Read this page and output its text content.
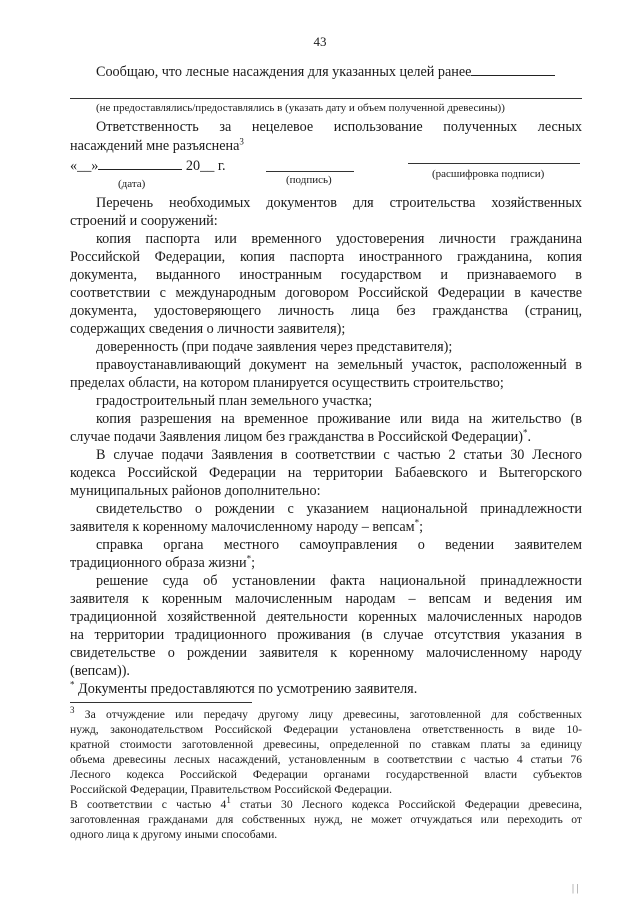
43
Сообщаю, что лесные насаждения для указанных целей ранее
(не предоставлялись/предоставлялись в (указать дату и объем полученной древесины))
Ответственность за нецелевое использование полученных лесных
насаждений мне разъяснена$^3$
«__»	20__ г.
(дата)	(подпись)	(расшифровка подписи)
Перечень необходимых документов для строительства хозяйственных
строений и сооружений:
копия паспорта или временного удостоверения личности гражданина
Российской Федерации, копия паспорта иностранного гражданина, копия
документа, выданного иностранным государством и признаваемого в
соответствии с международным договором Российской Федерации в качестве
документа, удостоверяющего личность лица без гражданства (страниц,
содержащих сведения о личности заявителя);
доверенность (при подаче заявления через представителя);
правоустанавливающий документ на земельный участок, расположенный в
пределах области, на котором планируется осуществить строительство;
градостроительный план земельного участка;
копия разрешения на временное проживание или вида на жительство (в
случае подачи Заявления лицом без гражданства в Российской Федерации)*.
В случае подачи Заявления в соответствии с частью 2 статьи 30 Лесного
кодекса Российской Федерации на территории Бабаевского и Вытегорского
муниципальных районов дополнительно:
свидетельство о рождении с указанием национальной принадлежности
заявителя к коренному малочисленному народу – вепсам*;
справка органа местного самоуправления о ведении заявителем
традиционного образа жизни*;
решение суда об установлении факта национальной принадлежности
заявителя к коренным малочисленным народам – вепсам и ведения им
традиционной хозяйственной деятельности коренных малочисленных народов
на территории традиционного проживания (в случае отсутствия указания в
свидетельстве о рождении заявителя к коренному малочисленному народу
(вепсам)).
* Документы предоставляются по усмотрению заявителя.
$^3$ За отчуждение или передачу другому лицу древесины, заготовленной для собственных
нужд, законодательством Российской Федерации установлена ответственность в виде 10-
кратной стоимости заготовленной древесины, определенной по ставкам платы за единицу
объема древесины лесных насаждений, установленным в соответствии с частью 4 статьи 76
Лесного кодекса Российской Федерации органами государственной власти субъектов
Российской Федерации, Правительством Российской Федерации.
В соответствии с частью $4^1$ статьи 30 Лесного кодекса Российской Федерации древесина,
заготовленная гражданами для собственных нужд, не может отчуждаться или переходить от
одного лица к другому иными способами.
| |
